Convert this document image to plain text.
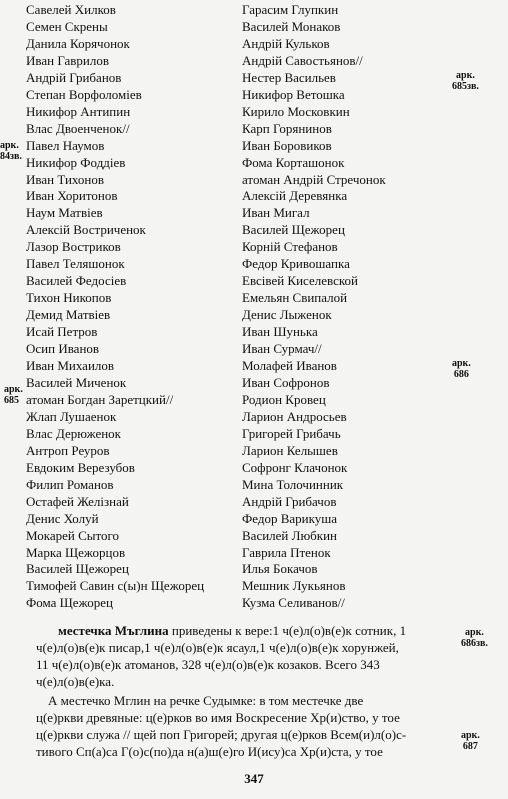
Савелей Хилков
Семен Скрены
Данила Корячонок
Иван Гаврилов
Андрій Грибанов
Степан Ворфоломіев
Никифор Антипин
Влас Двоенченок//
Павел Наумов
Никифор Фоддіев
Иван Тихонов
Иван Хоритонов
Наум Матвіев
Алексій Востриченок
Лазор Востриков
Павел Теляшонок
Василей Федосіев
Тихон Никопов
Демид Матвіев
Исай Петров
Осип Иванов
Иван Михаилов
Василей Миченок
атоман Богдан Заретцкий//
Жлап Лушаенок
Влас Дерюженок
Антроп Реуров
Евдоким Верезубов
Филип Романов
Остафей Желізнай
Денис Холуй
Мокарей Сытого
Марка Щежорцов
Василей Щежорец
Тимофей Савин с(ы)н Щежорец
Фома Щежорец
Гарасим Глупкин
Василей Монаков
Андрій Кульков
Андрій Савостьянов//
Нестер Васильев
Никифор Ветошка
Кирило Московкин
Карп Горянинов
Иван Боровиков
Фома Корташонок
атоман Андрій Стречонок
Алексій Деревянка
Иван Мигал
Василей Щежорец
Корній Стефанов
Федор Кривошапка
Евсівей Киселевской
Емельян Свипалой
Денис Лыженок
Иван Шунька
Иван Сурмач//
Молафей Иванов
Иван Софронов
Родион Кровец
Ларион Андросьев
Григорей Грибачь
Ларион Келышев
Софронг Клачонок
Мина Толочинник
Андрій Грибачов
Федор Варикуша
Василей Любкин
Гаврила Птенок
Илья Бокачов
Мешник Лукьянов
Кузма Селиванов//
арк.
685зв.
арк.
84зв.
арк.
686
арк.
685
арк.
686зв.
арк.
687
местечка Мъглина приведены к вере:1 ч(е)л(о)в(е)к сотник, 1
ч(е)л(о)в(е)к писар,1 ч(е)л(о)в(е)к ясаул,1 ч(е)л(о)в(е)к хорунжей,
11 ч(е)л(о)в(е)к атоманов, 328 ч(е)л(о)в(е)к козаков. Всего 343
ч(е)л(о)в(е)ка.
А местечко Мглин на речке Судымке: в том местечке две
ц(е)ркви древяные: ц(е)рков во имя Воскресение Хр(и)ство, у тое
ц(е)ркви служа // щей поп Григорей; другая ц(е)рков Всем(и)л(о)с-
тивого Сп(а)са Г(о)с(по)да н(а)ш(е)го И(ису)са Хр(и)ста, у тое
347
